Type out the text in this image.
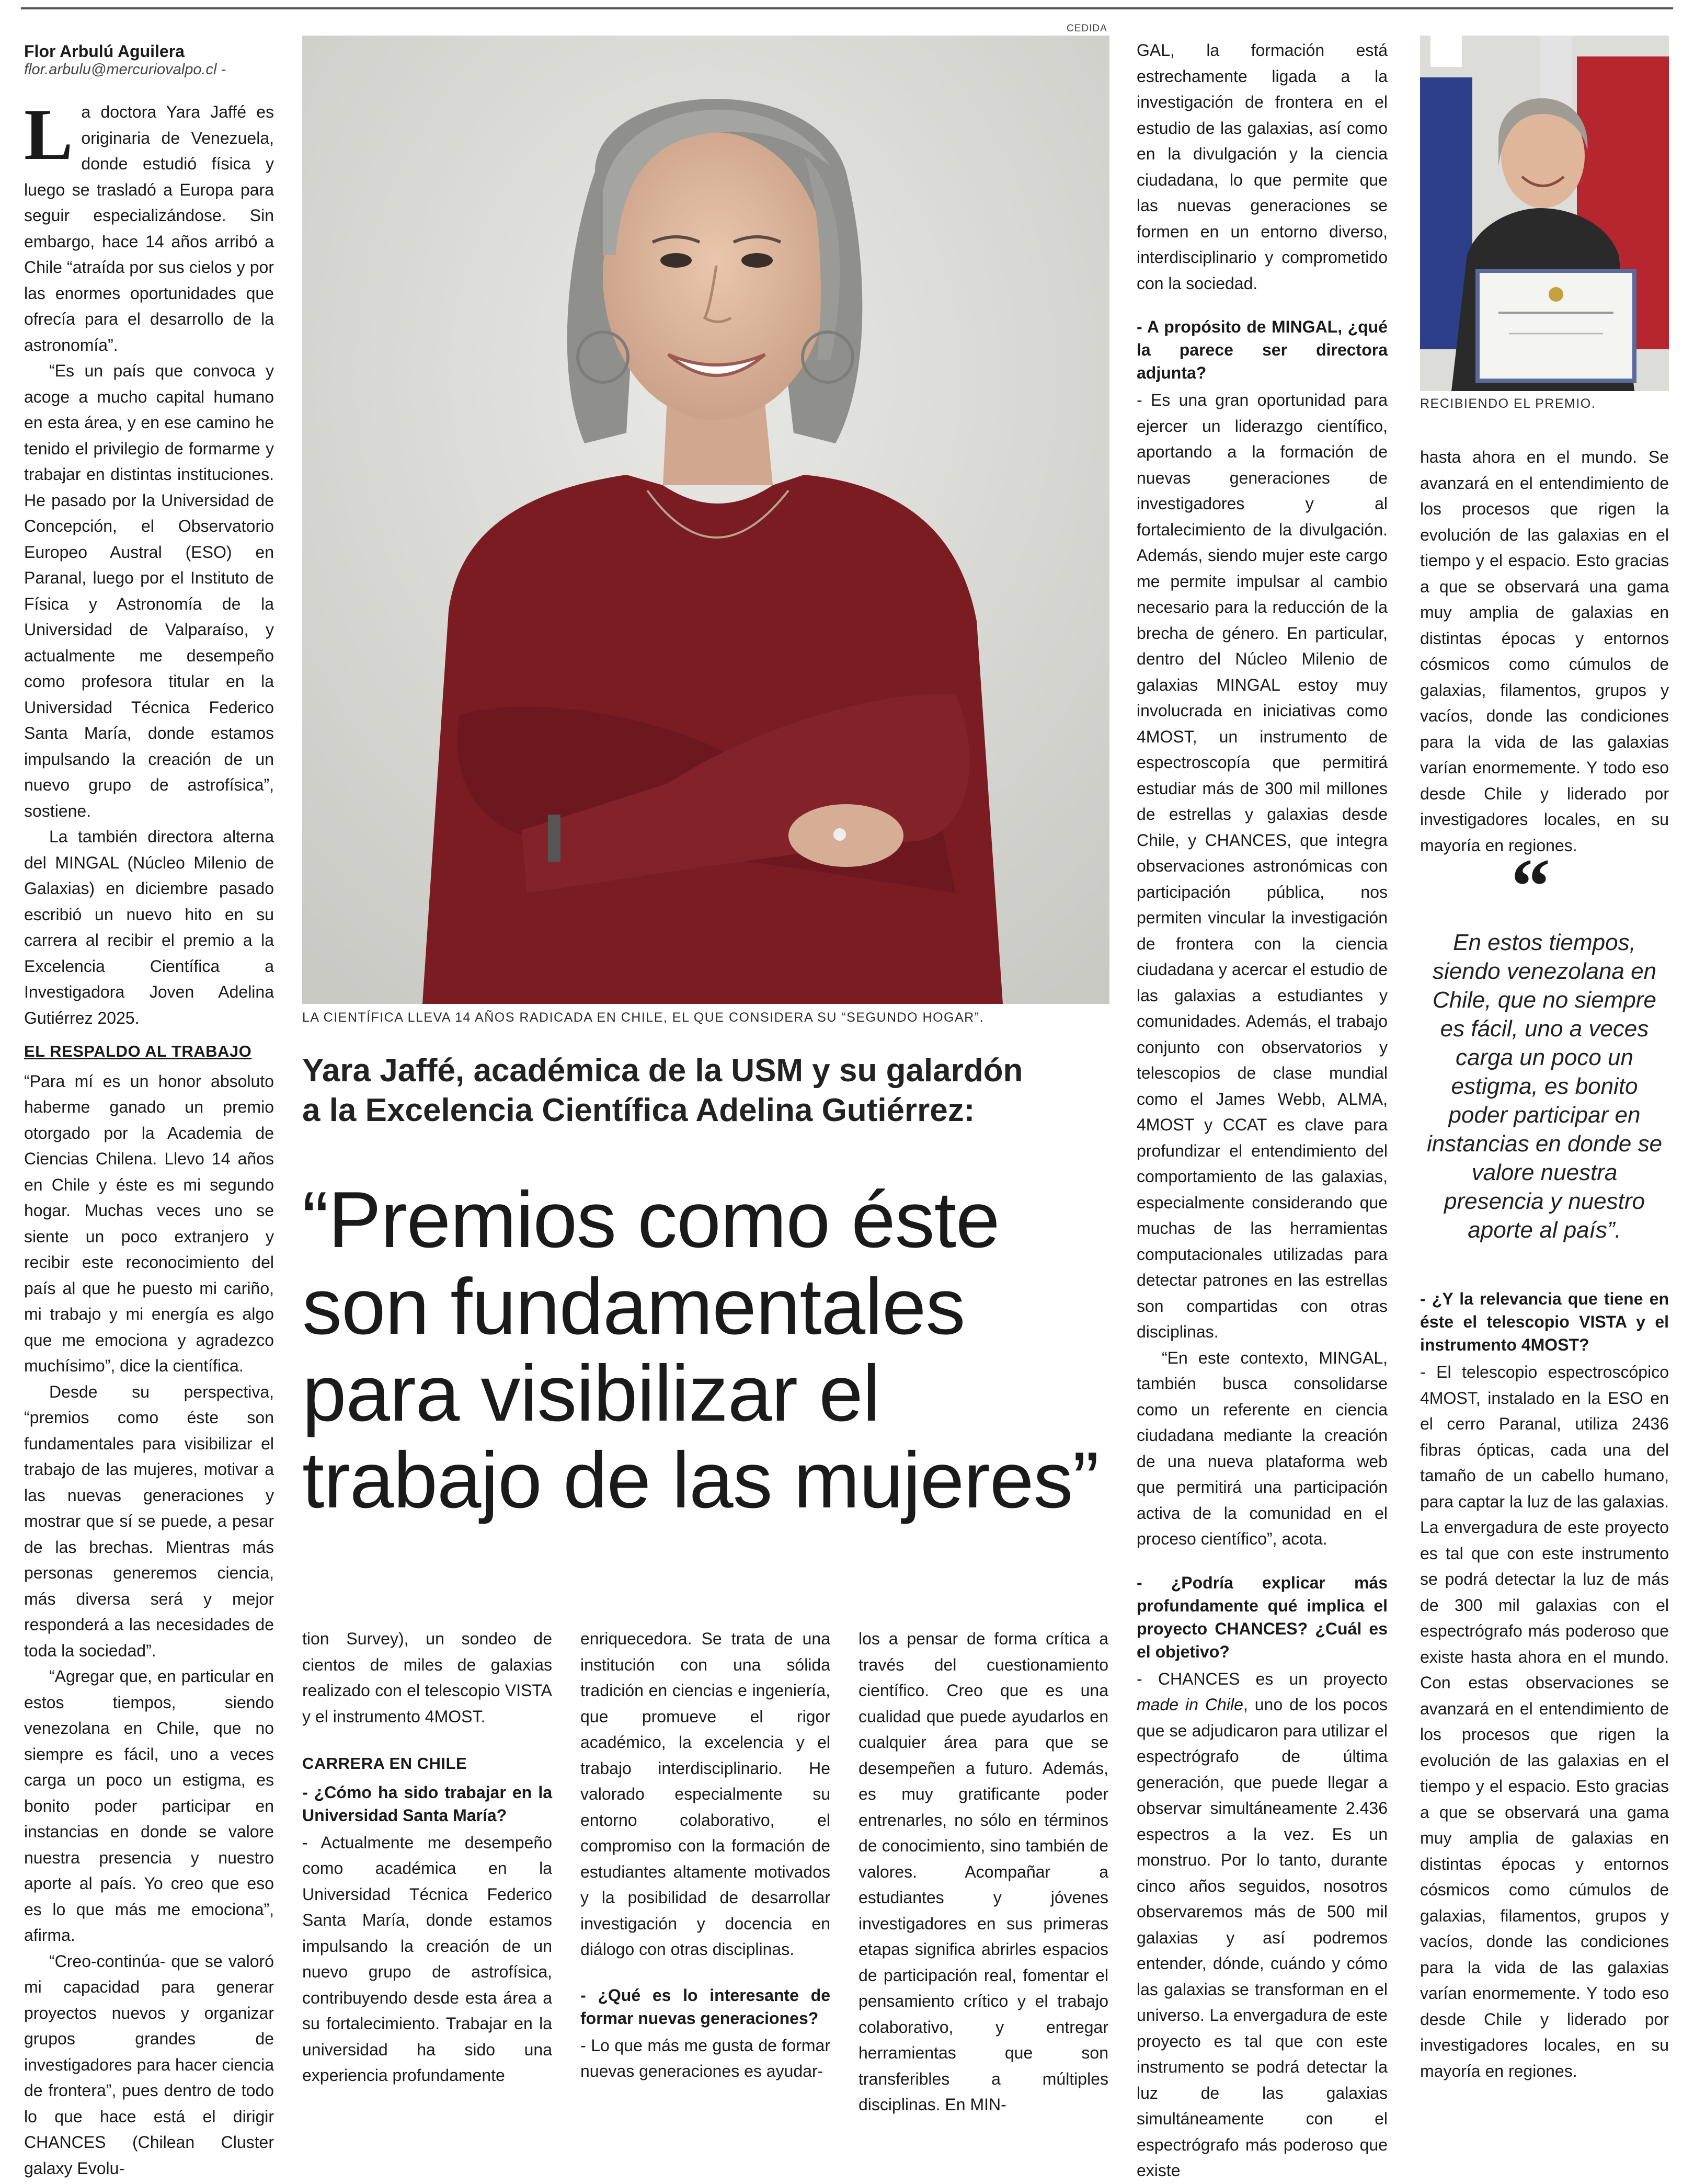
Flor Arbulú Aguilera

flor.arbulu@mercuriovalpo.cl -

L a doctora Yara Jaffé es originaria de Venezuela, donde estudió física y luego se trasladó a Europa para seguir especializándose. Sin embargo, hace 14 años arribó a Chile “atraída por sus cielos y por las enormes oportunidades que ofrecía para el desarrollo de la astronomía”.

“Es un país que convoca y acoge a mucho capital humano en esta área, y en ese camino he tenido el privilegio de formarme y trabajar en distintas instituciones. He pasado por la Universidad de Concepción, el Observatorio Europeo Austral (ESO) en Paranal, luego por el Instituto de Física y Astronomía de la Universidad de Valparaíso, y actualmente me desempeño como profesora titular en la Universidad Técnica Federico Santa María, donde estamos impulsando la creación de un nuevo grupo de astrofísica”, sostiene.

La también directora alterna del MINGAL (Núcleo Milenio de Galaxias) en diciembre pasado escribió un nuevo hito en su carrera al recibir el premio a la Excelencia Científica a Investigadora Joven Adelina Gutiérrez 2025.

EL RESPALDO AL TRABAJO

“Para mí es un honor absoluto haberme ganado un premio otorgado por la Academia de Ciencias Chilena. Llevo 14 años en Chile y éste es mi segundo hogar. Muchas veces uno se siente un poco extranjero y recibir este reconocimiento del país al que he puesto mi cariño, mi trabajo y mi energía es algo que me emociona y agradezco muchísimo”, dice la científica.

Desde su perspectiva, “premios como éste son fundamentales para visibilizar el trabajo de las mujeres, motivar a las nuevas generaciones y mostrar que sí se puede, a pesar de las brechas. Mientras más personas generemos ciencia, más diversa será y mejor responderá a las necesidades de toda la sociedad”.

“Agregar que, en particular en estos tiempos, siendo venezolana en Chile, que no siempre es fácil, uno a veces carga un poco un estigma, es bonito poder participar en instancias en donde se valore nuestra presencia y nuestro aporte al país. Yo creo que eso es lo que más me emociona”, afirma.

“Creo-continúa- que se valoró mi capacidad para generar proyectos nuevos y organizar grupos grandes de investigadores para hacer ciencia de frontera”, pues dentro de todo lo que hace está el dirigir CHANCES (Chilean Cluster galaxy Evolu-

CEDIDA
LA CIENTÍFICA LLEVA 14 AÑOS RADICADA EN CHILE, EL QUE CONSIDERA SU “SEGUNDO HOGAR”.
Yara Jaffé, académica de la USM y su galardón
a la Excelencia Científica Adelina Gutiérrez:
“Premios como éste
son fundamentales
para visibilizar el
trabajo de las mujeres”

tion Survey), un sondeo de cientos de miles de galaxias realizado con el telescopio VISTA y el instrumento 4MOST.

CARRERA EN CHILE
- ¿Cómo ha sido trabajar en la Universidad Santa María?

- Actualmente me desempeño como académica en la Universidad Técnica Federico Santa María, donde estamos impulsando la creación de un nuevo grupo de astrofísica, contribuyendo desde esta área a su fortalecimiento. Trabajar en la universidad ha sido una experiencia profundamente

enriquecedora. Se trata de una institución con una sólida tradición en ciencias e ingeniería, que promueve el rigor académico, la excelencia y el trabajo interdisciplinario. He valorado especialmente su entorno colaborativo, el compromiso con la formación de estudiantes altamente motivados y la posibilidad de desarrollar investigación y docencia en diálogo con otras disciplinas.

- ¿Qué es lo interesante de formar nuevas generaciones?

- Lo que más me gusta de formar nuevas generaciones es ayudar-

los a pensar de forma crítica a través del cuestionamiento científico. Creo que es una cualidad que puede ayudarlos en cualquier área para que se desempeñen a futuro. Además, es muy gratificante poder entrenarles, no sólo en términos de conocimiento, sino también de valores. Acompañar a estudiantes y jóvenes investigadores en sus primeras etapas significa abrirles espacios de participación real, fomentar el pensamiento crítico y el trabajo colaborativo, y entregar herramientas que son transferibles a múltiples disciplinas. En MIN-

GAL, la formación está estrechamente ligada a la investigación de frontera en el estudio de las galaxias, así como en la divulgación y la ciencia ciudadana, lo que permite que las nuevas generaciones se formen en un entorno diverso, interdisciplinario y comprometido con la sociedad.

- A propósito de MINGAL, ¿qué la parece ser directora adjunta?

- Es una gran oportunidad para ejercer un liderazgo científico, aportando a la formación de nuevas generaciones de investigadores y al fortalecimiento de la divulgación. Además, siendo mujer este cargo me permite impulsar al cambio necesario para la reducción de la brecha de género. En particular, dentro del Núcleo Milenio de galaxias MINGAL estoy muy involucrada en iniciativas como 4MOST, un instrumento de espectroscopía que permitirá estudiar más de 300 mil millones de estrellas y galaxias desde Chile, y CHANCES, que integra observaciones astronómicas con participación pública, nos permiten vincular la investigación de frontera con la ciencia ciudadana y acercar el estudio de las galaxias a estudiantes y comunidades. Además, el trabajo conjunto con observatorios y telescopios de clase mundial como el James Webb, ALMA, 4MOST y CCAT es clave para profundizar el entendimiento del comportamiento de las galaxias, especialmente considerando que muchas de las herramientas computacionales utilizadas para detectar patrones en las estrellas son compartidas con otras disciplinas.

“En este contexto, MINGAL, también busca consolidarse como un referente en ciencia ciudadana mediante la creación de una nueva plataforma web que permitirá una participación activa de la comunidad en el proceso científico”, acota.

- ¿Podría explicar más profundamente qué implica el proyecto CHANCES? ¿Cuál es el objetivo?

- CHANCES es un proyecto made in Chile, uno de los pocos que se adjudicaron para utilizar el espectrógrafo de última generación, que puede llegar a observar simultáneamente 2.436 espectros a la vez. Es un monstruo. Por lo tanto, durante cinco años seguidos, nosotros observaremos más de 500 mil galaxias y así podremos entender, dónde, cuándo y cómo las galaxias se transforman en el universo. La envergadura de este proyecto es tal que con este instrumento se podrá detectar la luz de las galaxias simultáneamente con el espectrógrafo más poderoso que existe

RECIBIENDO EL PREMIO.

hasta ahora en el mundo. Se avanzará en el entendimiento de los procesos que rigen la evolución de las galaxias en el tiempo y el espacio. Esto gracias a que se observará una gama muy amplia de galaxias en distintas épocas y entornos cósmicos como cúmulos de galaxias, filamentos, grupos y vacíos, donde las condiciones para la vida de las galaxias varían enormemente. Y todo eso desde Chile y liderado por investigadores locales, en su mayoría en regiones.

“
En estos tiempos, siendo venezolana en Chile, que no siempre es fácil, uno a veces carga un poco un estigma, es bonito poder participar en instancias en donde se valore nuestra presencia y nuestro aporte al país”.
- ¿Y la relevancia que tiene en éste el telescopio VISTA y el instrumento 4MOST?

- El telescopio espectroscópico 4MOST, instalado en la ESO en el cerro Paranal, utiliza 2436 fibras ópticas, cada una del tamaño de un cabello humano, para captar la luz de las galaxias. La envergadura de este proyecto es tal que con este instrumento se podrá detectar la luz de más de 300 mil galaxias con el espectrógrafo más poderoso que existe hasta ahora en el mundo. Con estas observaciones se avanzará en el entendimiento de los procesos que rigen la evolución de las galaxias en el tiempo y el espacio. Esto gracias a que se observará una gama muy amplia de galaxias en distintas épocas y entornos cósmicos como cúmulos de galaxias, filamentos, grupos y vacíos, donde las condiciones para la vida de las galaxias varían enormemente. Y todo eso desde Chile y liderado por investigadores locales, en su mayoría en regiones.
